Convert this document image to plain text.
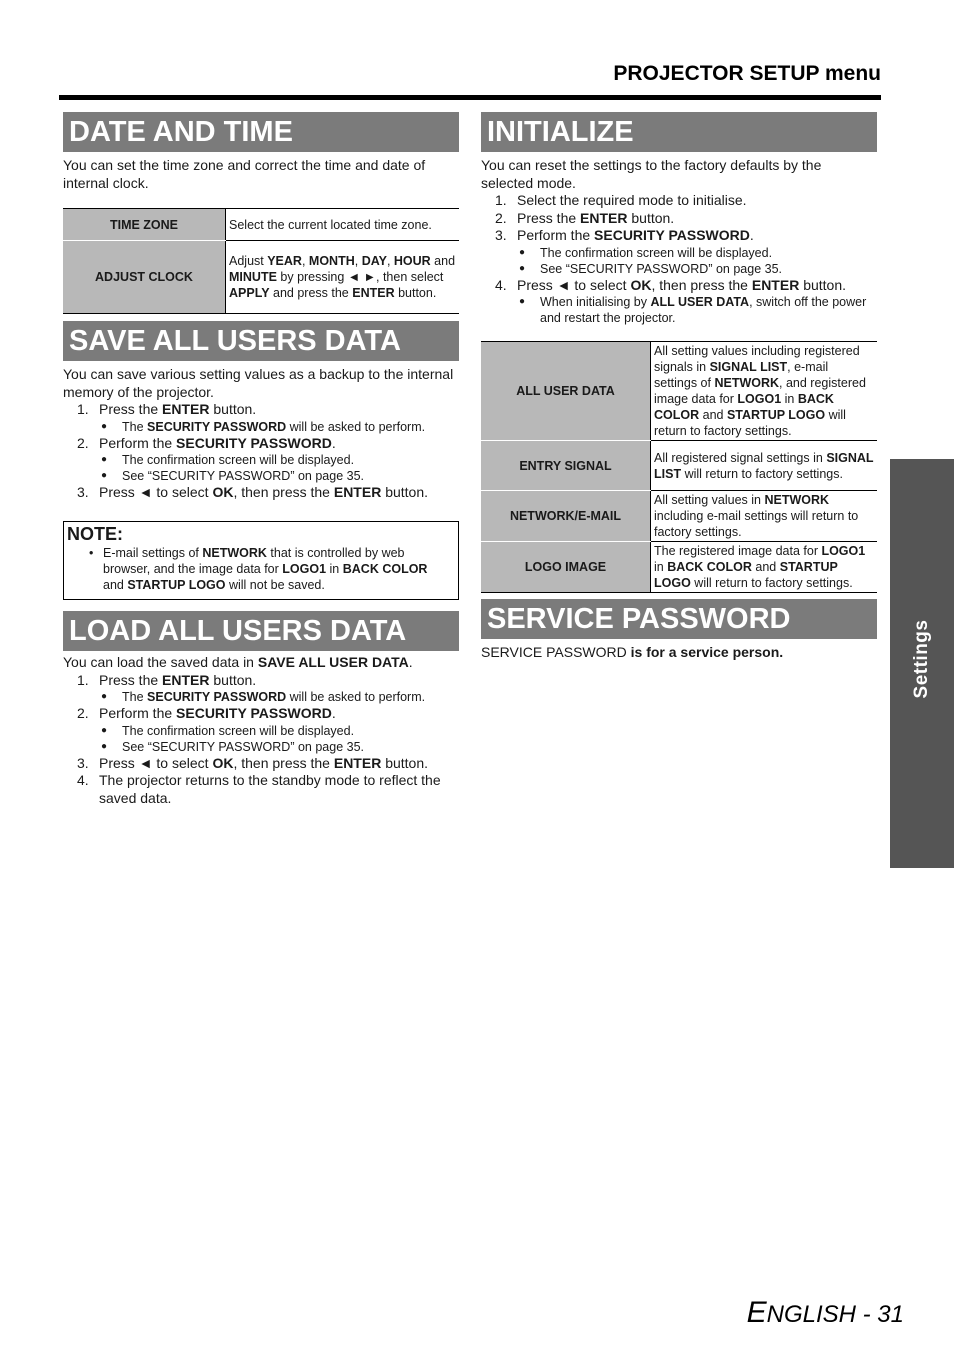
PROJECTOR SETUP menu
DATE AND TIME

You can set the time zone and correct the time and date of internal clock.

TIME ZONE	Select the current located time zone.
ADJUST CLOCK	Adjust YEAR, MONTH, DAY, HOUR and MINUTE by pressing ◄ ►, then select APPLY and press the ENTER button.
SAVE ALL USERS DATA

You can save various setting values as a backup to the internal memory of the projector.

1. Press the ENTER button.
● The SECURITY PASSWORD will be asked to perform.
2. Perform the SECURITY PASSWORD.
● The confirmation screen will be displayed.
● See “SECURITY PASSWORD” on page 35.
3. Press ◄ to select OK, then press the ENTER button.
NOTE:
• E-mail settings of NETWORK that is controlled by web browser, and the image data for LOGO1 in BACK COLOR and STARTUP LOGO will not be saved.
LOAD ALL USERS DATA

You can load the saved data in SAVE ALL USER DATA.

1. Press the ENTER button.
● The SECURITY PASSWORD will be asked to perform.
2. Perform the SECURITY PASSWORD.
● The confirmation screen will be displayed.
● See “SECURITY PASSWORD” on page 35.
3. Press ◄ to select OK, then press the ENTER button.
4. The projector returns to the standby mode to reflect the saved data.
INITIALIZE

You can reset the settings to the factory defaults by the selected mode.

1. Select the required mode to initialise.
2. Press the ENTER button.
3. Perform the SECURITY PASSWORD.
● The confirmation screen will be displayed.
● See “SECURITY PASSWORD” on page 35.
4. Press ◄ to select OK, then press the ENTER button.
● When initialising by ALL USER DATA, switch off the power and restart the projector.
ALL USER DATA	All setting values including registered signals in SIGNAL LIST, e-mail settings of NETWORK, and registered image data for LOGO1 in BACK COLOR and STARTUP LOGO will return to factory settings.
ENTRY SIGNAL	All registered signal settings in SIGNAL LIST will return to factory settings.
NETWORK/E-MAIL	All setting values in NETWORK including e-mail settings will return to factory settings.
LOGO IMAGE	The registered image data for LOGO1 in BACK COLOR and STARTUP LOGO will return to factory settings.
SERVICE PASSWORD

SERVICE PASSWORD is for a service person.	Settings
ENGLISH - 31
